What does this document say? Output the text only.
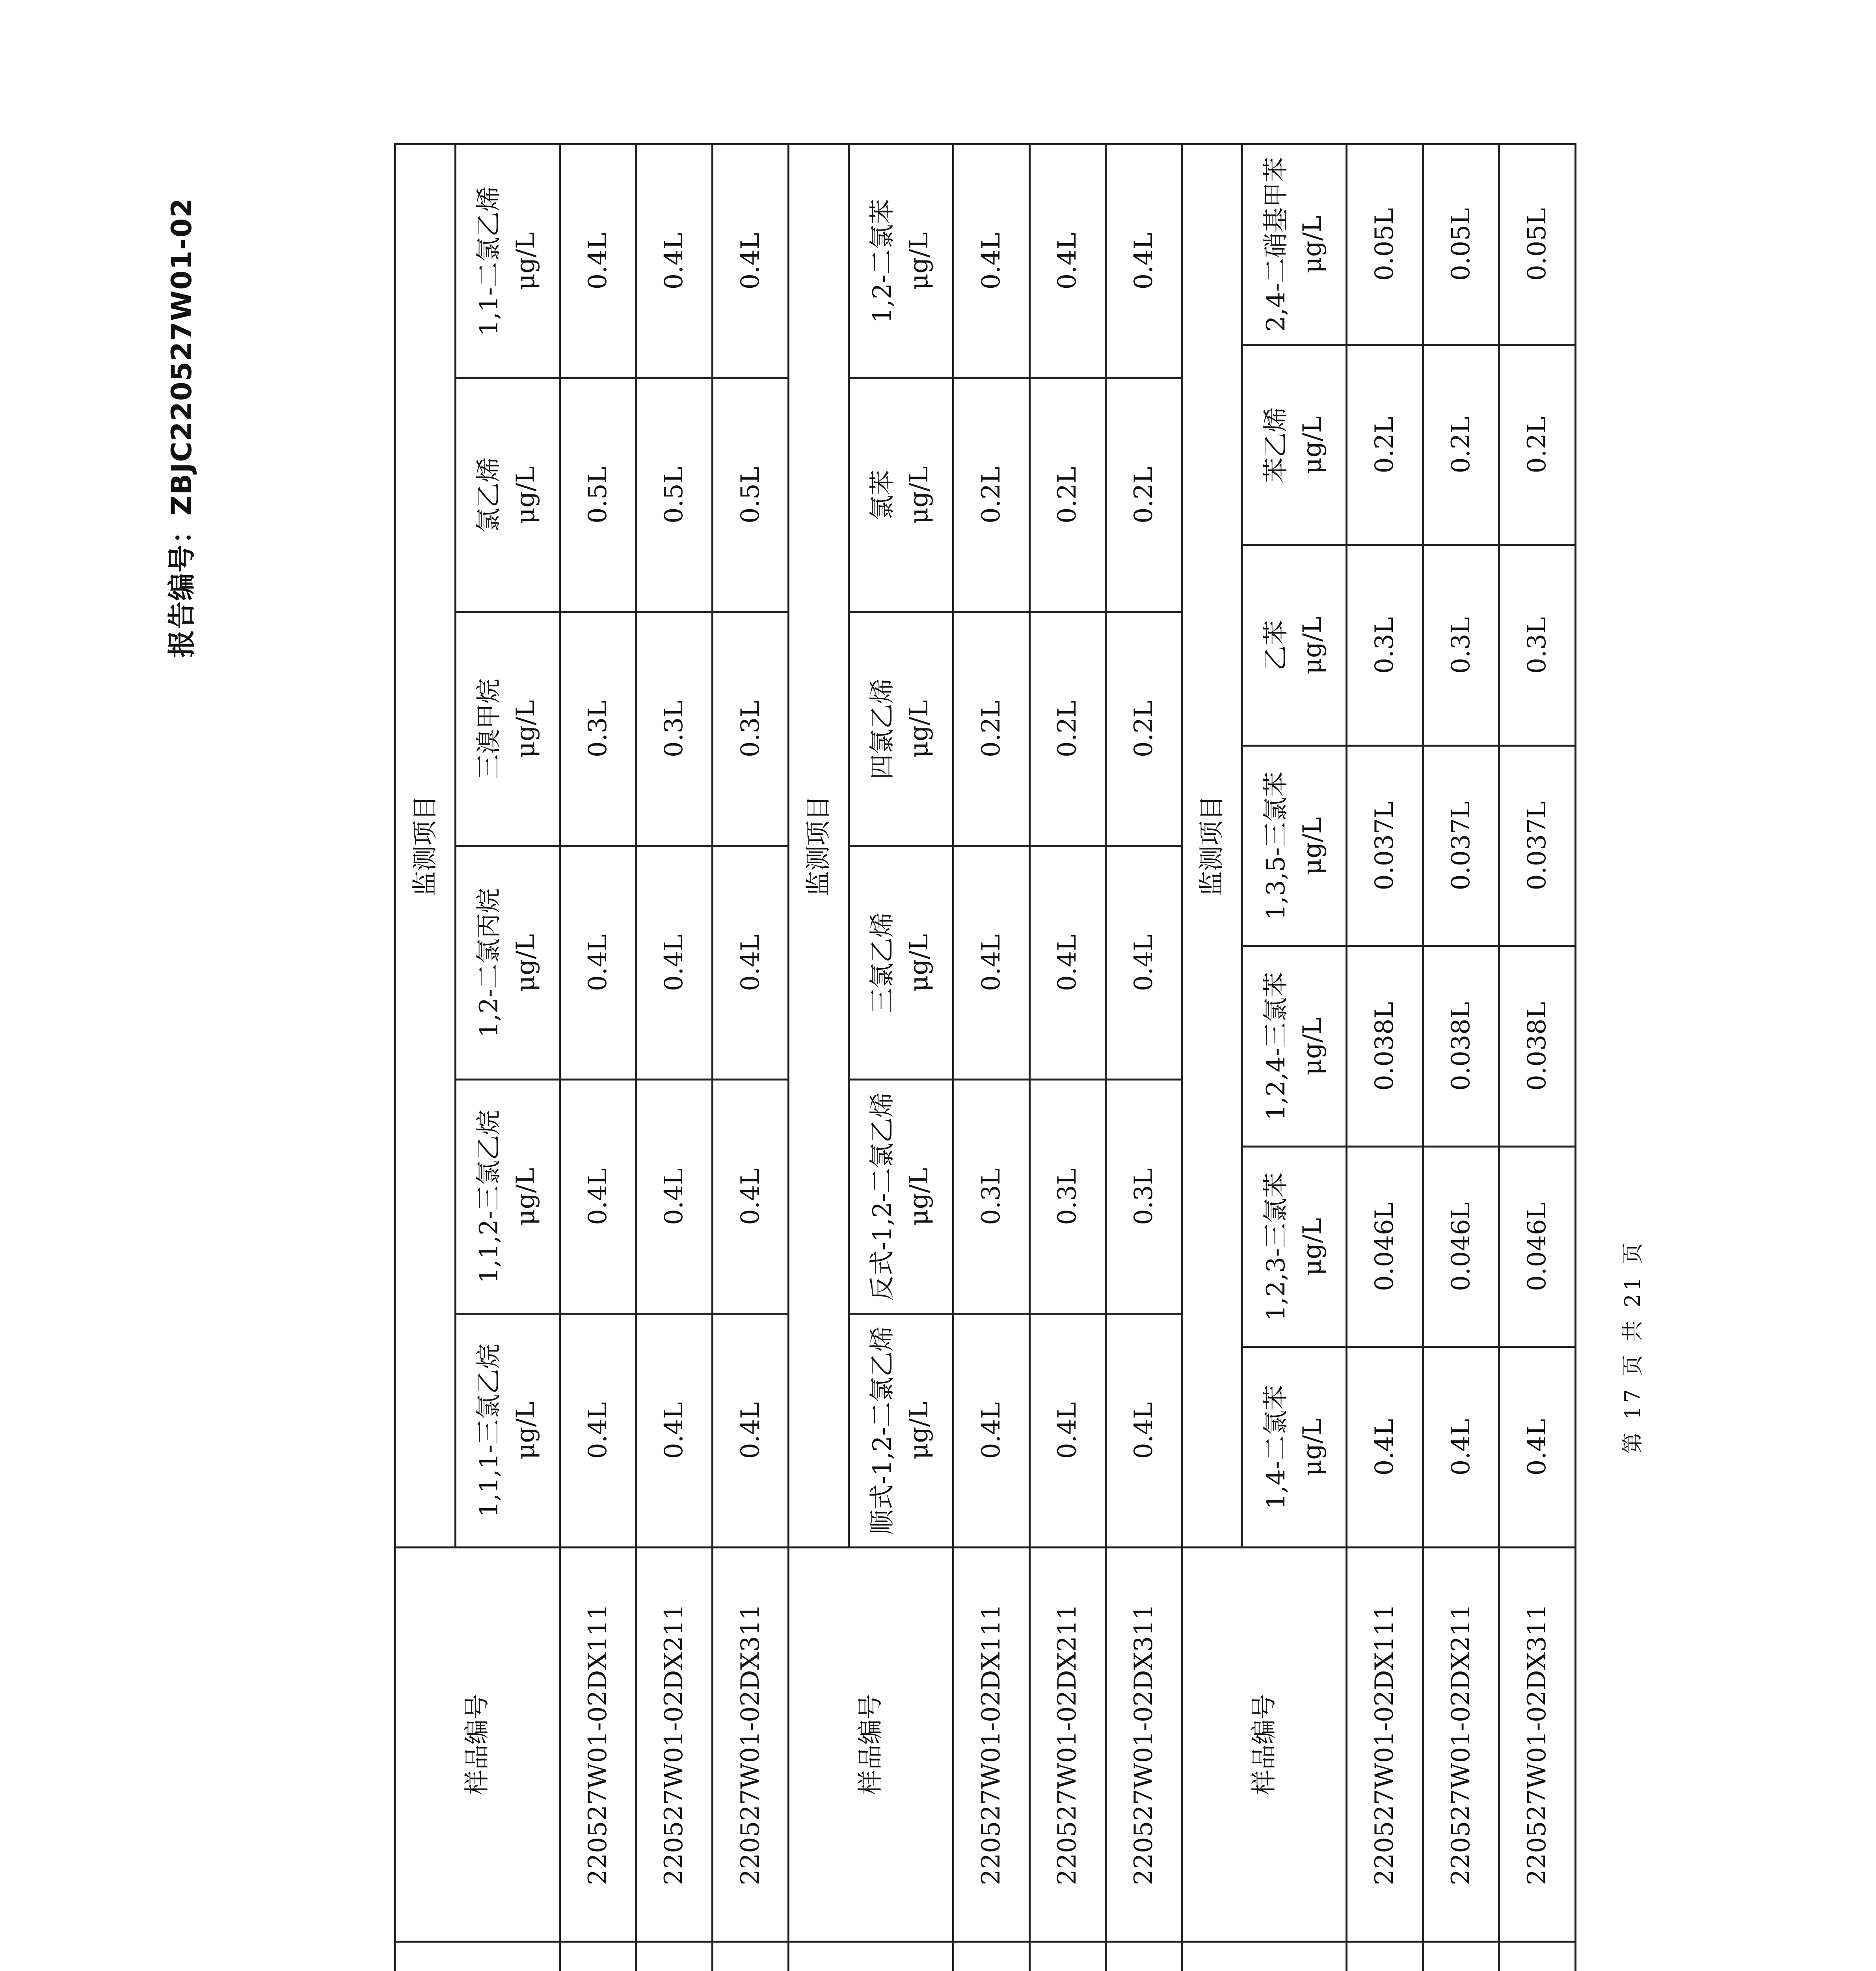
报告编号：ZBJC220527W01-02

	样品编号	监测项目											

				1,1,1-三氯乙烷 μg/L		1,1,2-三氯乙烷 μg/L		1,2-二氯丙烷 μg/L		三溴甲烷 μg/L		氯乙烯 μg/L		1,1-二氯乙烯 μg/L	

			220527W01-02DX111	0.4L		0.4L		0.4L		0.3L		0.5L		0.4L	
		220527W01-02DX211	0.4L		0.4L		0.4L		0.3L		0.5L		0.4L	
		220527W01-02DX311	0.4L		0.4L		0.4L		0.3L		0.5L		0.4L	

	样品编号	监测项目											

				顺式-1,2-二氯乙烯 μg/L		反式-1,2-二氯乙烯 μg/L		三氯乙烯 μg/L		四氯乙烯 μg/L		氯苯 μg/L		1,2-二氯苯 μg/L	

			220527W01-02DX111	0.4L		0.3L		0.4L		0.2L		0.2L		0.4L	
		220527W01-02DX211	0.4L		0.3L		0.4L		0.2L		0.2L		0.4L	
		220527W01-02DX311	0.4L		0.3L		0.4L		0.2L		0.2L		0.4L	

	样品编号	监测项目											

				1,4-二氯苯 μg/L	1,2,3-三氯苯 μg/L		1,2,4-三氯苯 μg/L		1,3,5-三氯苯 μg/L		乙苯 μg/L		苯乙烯 μg/L		2,4-二硝基甲苯 μg/L

			220527W01-02DX111	0.4L	0.046L		0.038L		0.037L		0.3L		0.2L		0.05L
		220527W01-02DX211	0.4L	0.046L		0.038L		0.037L		0.3L		0.2L		0.05L
		220527W01-02DX311	0.4L	0.046L		0.038L		0.037L		0.3L		0.2L		0.05L
第 17 页 共 21 页
